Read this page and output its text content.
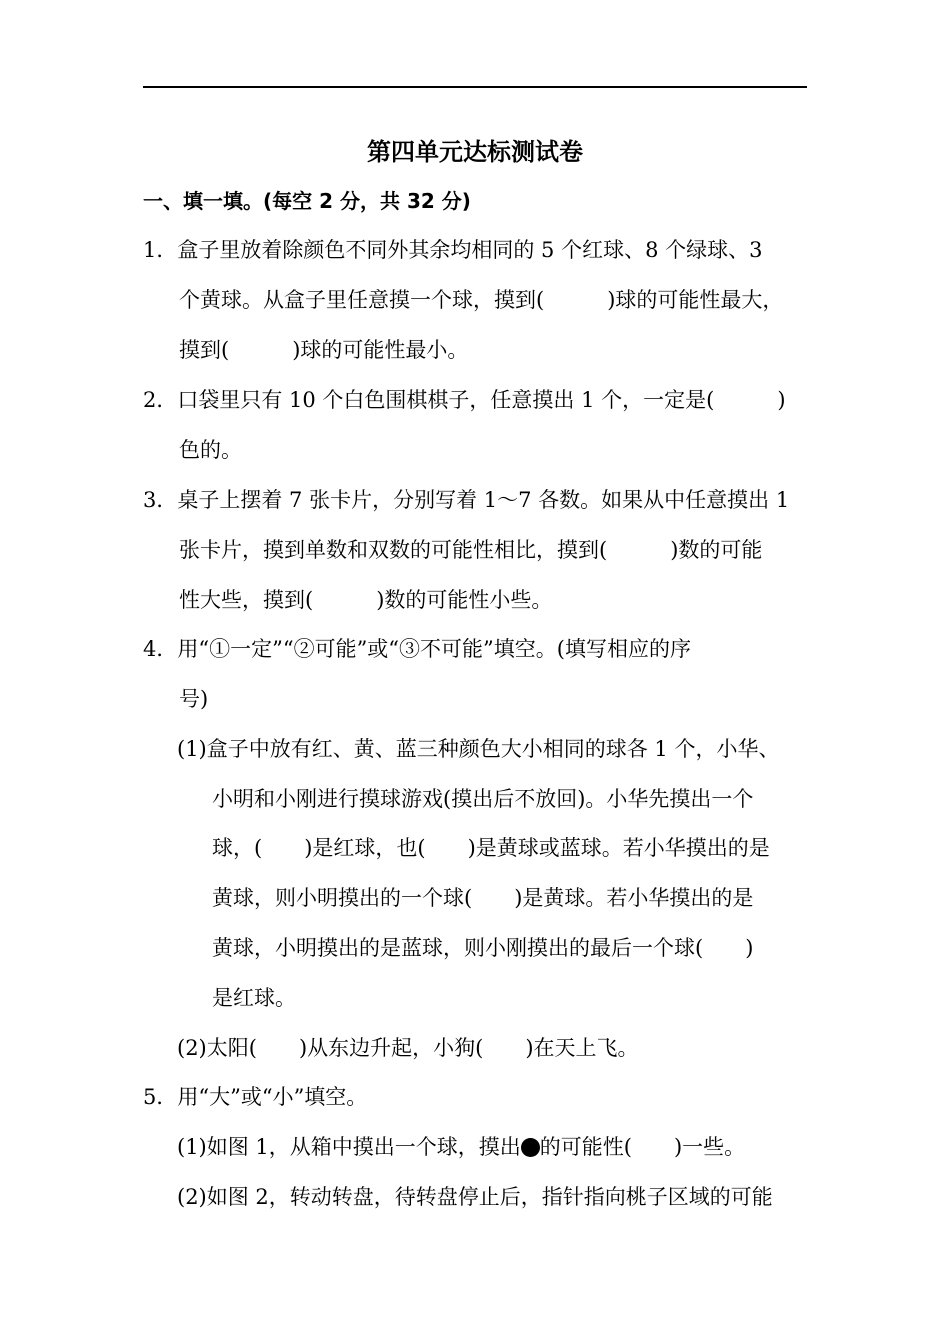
第四单元达标测试卷
一、填一填。(每空 2 分，共 32 分)
1．盒子里放着除颜色不同外其余均相同的 5 个红球、8 个绿球、3
个黄球。从盒子里任意摸一个球，摸到(　　　)球的可能性最大，
摸到(　　　)球的可能性最小。
2．口袋里只有 10 个白色围棋棋子，任意摸出 1 个，一定是(　　　)
色的。
3．桌子上摆着 7 张卡片，分别写着 1～7 各数。如果从中任意摸出 1
张卡片，摸到单数和双数的可能性相比，摸到(　　　)数的可能
性大些，摸到(　　　)数的可能性小些。
4．用“①一定”“②可能”或“③不可能”填空。(填写相应的序
号)
(1)盒子中放有红、黄、蓝三种颜色大小相同的球各 1 个，小华、
小明和小刚进行摸球游戏(摸出后不放回)。小华先摸出一个
球，(　　)是红球，也(　　)是黄球或蓝球。若小华摸出的是
黄球，则小明摸出的一个球(　　)是黄球。若小华摸出的是
黄球，小明摸出的是蓝球，则小刚摸出的最后一个球(　　)
是红球。
(2)太阳(　　)从东边升起，小狗(　　)在天上飞。
5．用“大”或“小”填空。
(1)如图 1，从箱中摸出一个球，摸出 的可能性(　　)一些。
(2)如图 2，转动转盘，待转盘停止后，指针指向桃子区域的可能
